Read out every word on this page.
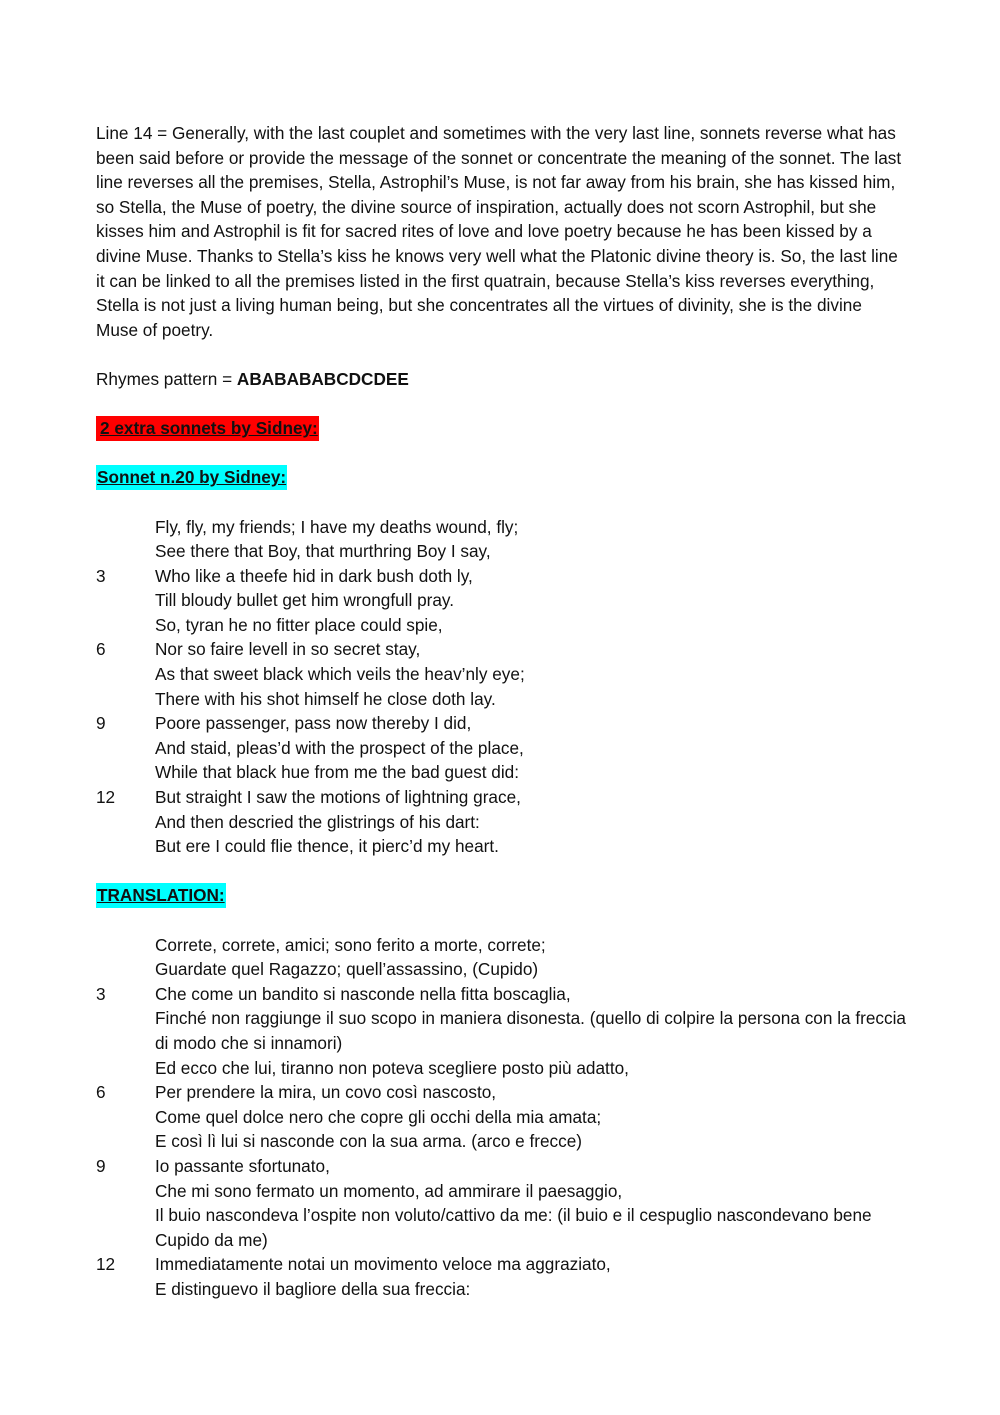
Line 14 = Generally, with the last couplet and sometimes with the very last line, sonnets reverse what has been said before or provide the message of the sonnet or concentrate the meaning of the sonnet. The last line reverses all the premises, Stella, Astrophil’s Muse, is not far away from his brain, she has kissed him, so Stella, the Muse of poetry, the divine source of inspiration, actually does not scorn Astrophil, but she kisses him and Astrophil is fit for sacred rites of love and love poetry because he has been kissed by a divine Muse. Thanks to Stella’s kiss he knows very well what the Platonic divine theory is. So, the last line it can be linked to all the premises listed in the first quatrain, because Stella’s kiss reverses everything, Stella is not just a living human being, but she concentrates all the virtues of divinity, she is the divine Muse of poetry.

Rhymes pattern = ABABABABCDCDEE

2 extra sonnets by Sidney:

Sonnet n.20 by Sidney:

Fly, fly, my friends; I have my deaths wound, fly;
See there that Boy, that murthring Boy I say,
3	Who like a theefe hid in dark bush doth ly,
Till bloudy bullet get him wrongfull pray.
So, tyran he no fitter place could spie,
6	Nor so faire levell in so secret stay,
As that sweet black which veils the heav’nly eye;
There with his shot himself he close doth lay.
9	Poore passenger, pass now thereby I did,
And staid, pleas’d with the prospect of the place,
While that black hue from me the bad guest did:
12	But straight I saw the motions of lightning grace,
And then descried the glistrings of his dart:
But ere I could flie thence, it pierc’d my heart.

TRANSLATION:

Correte, correte, amici; sono ferito a morte, correte;
Guardate quel Ragazzo; quell’assassino, (Cupido)
3	Che come un bandito si nasconde nella fitta boscaglia,
Finché non raggiunge il suo scopo in maniera disonesta. (quello di colpire la persona con la freccia di modo che si innamori)
Ed ecco che lui, tiranno non poteva scegliere posto più adatto,
6	Per prendere la mira, un covo così nascosto,
Come quel dolce nero che copre gli occhi della mia amata;
E così lì lui si nasconde con la sua arma. (arco e frecce)
9	Io passante sfortunato,
Che mi sono fermato un momento, ad ammirare il paesaggio,
Il buio nascondeva l’ospite non voluto/cattivo da me: (il buio e il cespuglio nascondevano bene Cupido da me)
12	Immediatamente notai un movimento veloce ma aggraziato,
E distinguevo il bagliore della sua freccia:
